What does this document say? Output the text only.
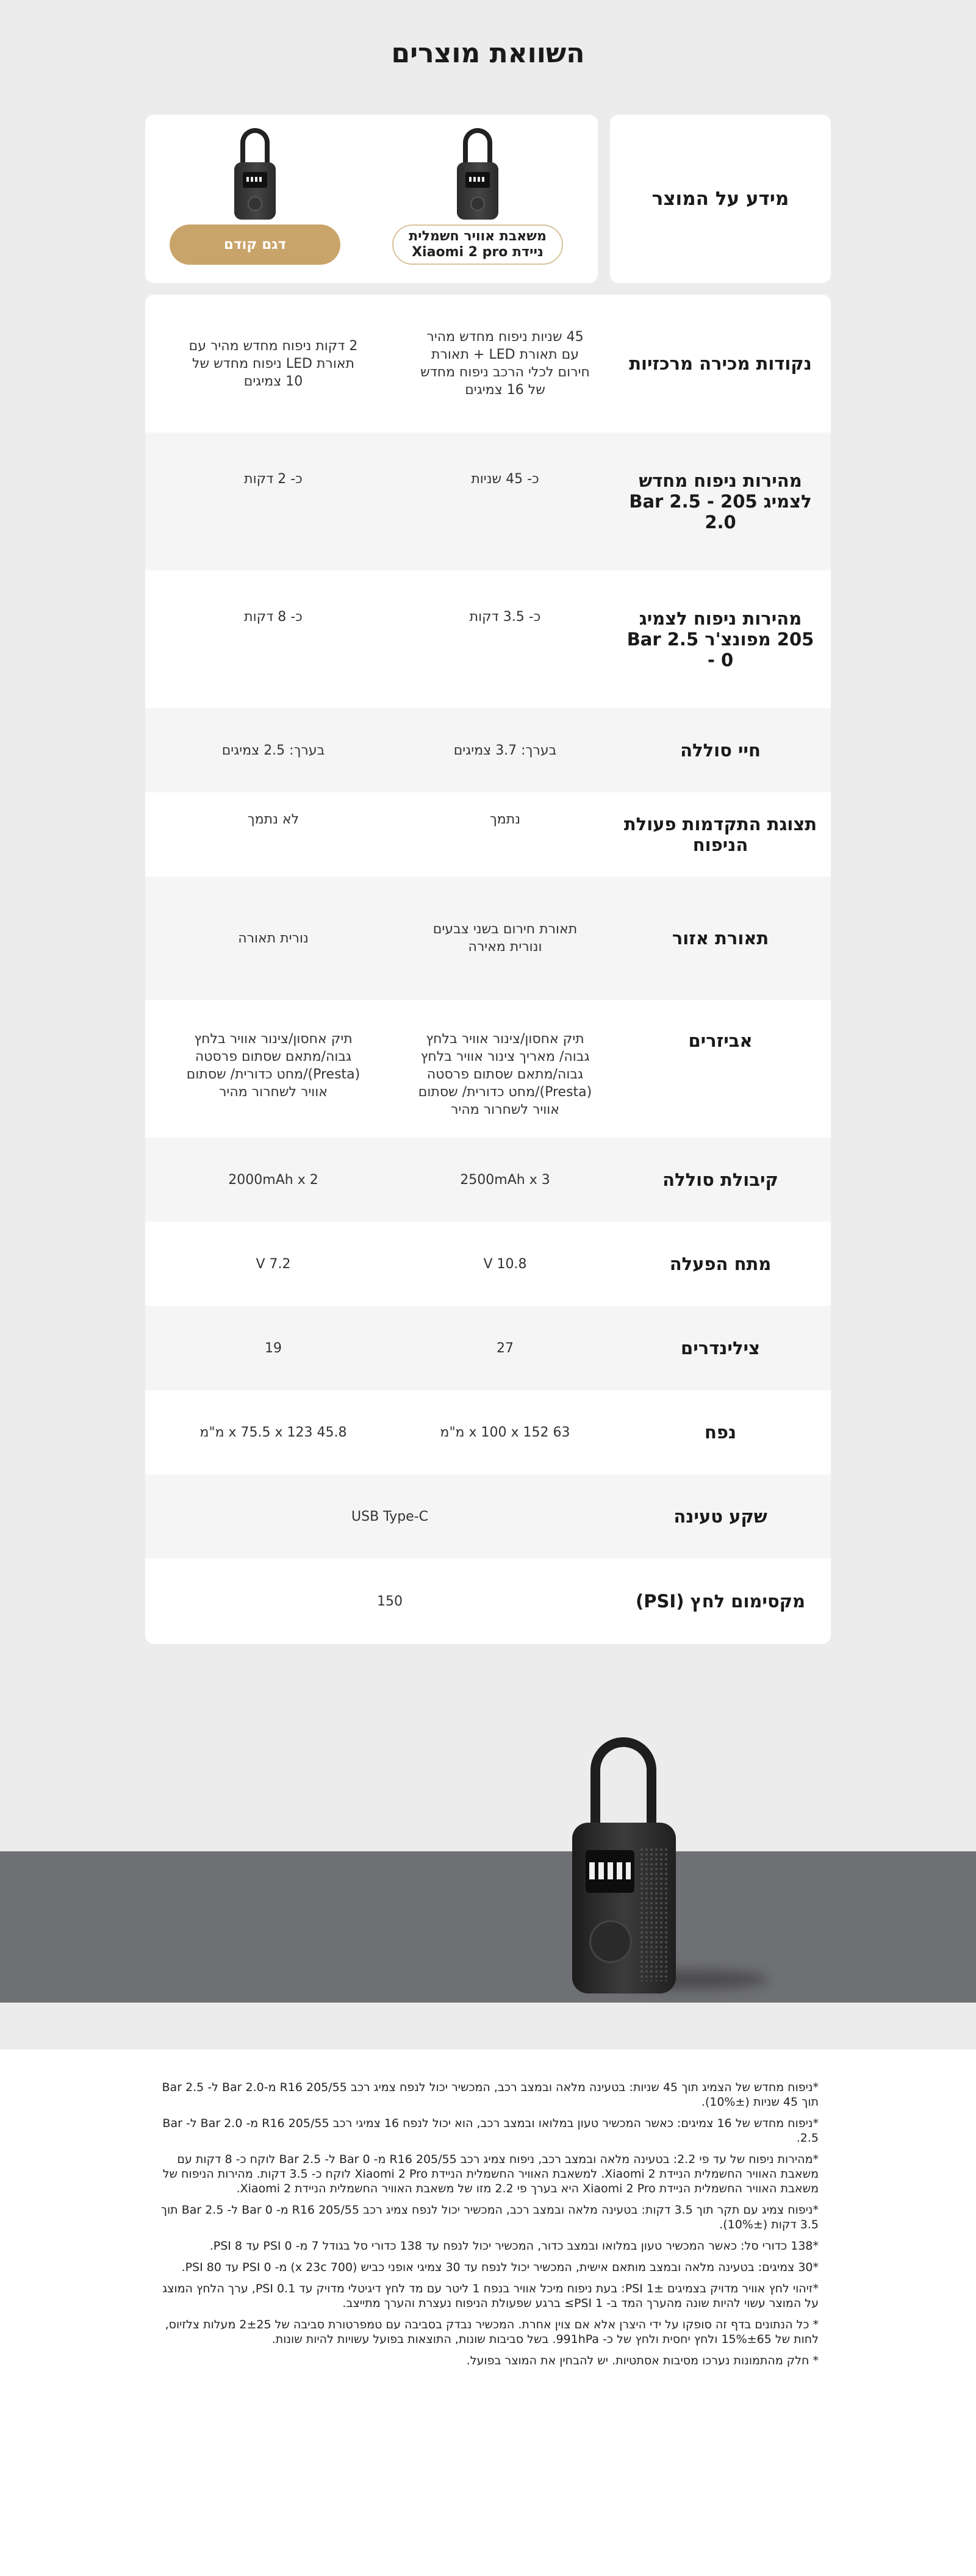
השוואת מוצרים
מידע על המוצר
משאבת אוויר חשמלית ניידת Xiaomi 2 pro
דגם קודם
נקודות מכירה מרכזיות
45 שניות ניפוח מחדש מהיר עם תאורת LED + תאורת חירום לכלי הרכב ניפוח מחדש של 16 צמיגים
2 דקות ניפוח מחדש מהיר עם תאורת LED ניפוח מחדש של 10 צמיגים
מהירות ניפוח מחדש לצמיג 205 Bar 2.5 - 2.0
כ- 45 שניות
כ- 2 דקות
מהירות ניפוח לצמיג 205 מפונצ'ר Bar 2.5 - 0
כ- 3.5 דקות
כ- 8 דקות
חיי סוללה
בערך: 3.7 צמיגים
בערך: 2.5 צמיגים
תצוגת התקדמות פעולת הניפוח
נתמך
לא נתמך
תאורת אזור
תאורת חירום בשני צבעים ונורית מאירה
נורית תאורה
אביזרים
תיק אחסון/צינור אוויר בלחץ גבוה/ מאריך צינור אוויר בלחץ גבוה/מתאם שסתום פרסטה (Presta)/מחט כדורית/ שסתום אוויר לשחרור מהיר
תיק אחסון/צינור אוויר בלחץ גבוה/מתאם שסתום פרסטה (Presta)/מחט כדורית/ שסתום אוויר לשחרור מהיר
קיבולת סוללה
2500mAh x 3
2000mAh x 2
מתח הפעלה
10.8 V
7.2 V
צילינדרים
27
19
נפח
63 x 100 x 152 מ"מ
45.8 x 75.5 x 123 מ"מ
שקע טעינה
USB Type-C
מקסימום לחץ (PSI)
150

*ניפוח מחדש של הצמיג תוך 45 שניות: בטעינה מלאה ובמצב רכב, המכשיר יכול לנפח צמיג רכב 205/55 R16 מ-Bar 2.0 ל- Bar 2.5 תוך 45 שניות (10%±).

*ניפוח מחדש של 16 צמיגים: כאשר המכשיר טעון במלואו ובמצב רכב, הוא יכול לנפח 16 צמיגי רכב 205/55 R16 מ- Bar 2.0 ל- Bar 2.5.

*מהירות ניפוח של עד פי 2.2: בטעינה מלאה ובמצב רכב, ניפוח צמיג רכב 205/55 R16 מ- Bar 0 ל- Bar 2.5 לוקח כ- 8 דקות עם משאבת האוויר החשמלית הניידת Xiaomi 2. למשאבת האוויר החשמלית הניידת Xiaomi 2 Pro לוקח כ- 3.5 דקות. מהירות הניפוח של משאבת האוויר החשמלית הניידת Xiaomi 2 Pro היא בערך פי 2.2 מזו של משאבת האוויר החשמלית הניידת Xiaomi 2.

*ניפוח צמיג עם תקר תוך 3.5 דקות: בטעינה מלאה ובמצב רכב, המכשיר יכול לנפח צמיג רכב 205/55 R16 מ- Bar 0 ל- Bar 2.5 תוך 3.5 דקות (10%±).

*138 כדורי סל: כאשר המכשיר טעון במלואו ובמצב כדור, המכשיר יכול לנפח עד 138 כדורי סל בגודל 7 מ- PSI 0 עד PSI 8.

*30 צמיגים: בטעינה מלאה ובמצב מותאם אישית, המכשיר יכול לנפח עד 30 צמיגי אופני כביש (700 x 23c) מ- PSI 0 עד PSI 80.

*זיהוי לחץ אוויר מדויק בצמיגים PSI 1±: בעת ניפוח מיכל אוויר בנפח 1 ליטר עם מד לחץ דיגיטלי מדויק עד PSI 0.1, ערך הלחץ המוצג על המוצר עשוי להיות שונה מהערך המד ב- PSI 1≥ ברגע שפעולת הניפוח נעצרת והערך מתייצב.

* כל הנתונים בדף זה סופקו על ידי היצרן אלא אם צוין אחרת. המכשיר נבדק בסביבה עם טמפרטורת סביבה של 2±25 מעלות צלזיוס, לחות של 15%±65 ולחץ יחסית ולחץ של כ- 991hPa. בשל סביבות שונות, התוצאות בפועל עשויות להיות שונות.

* חלק מהתמונות נערכו מסיבות אסתטיות. יש להבחין את המוצר בפועל.
